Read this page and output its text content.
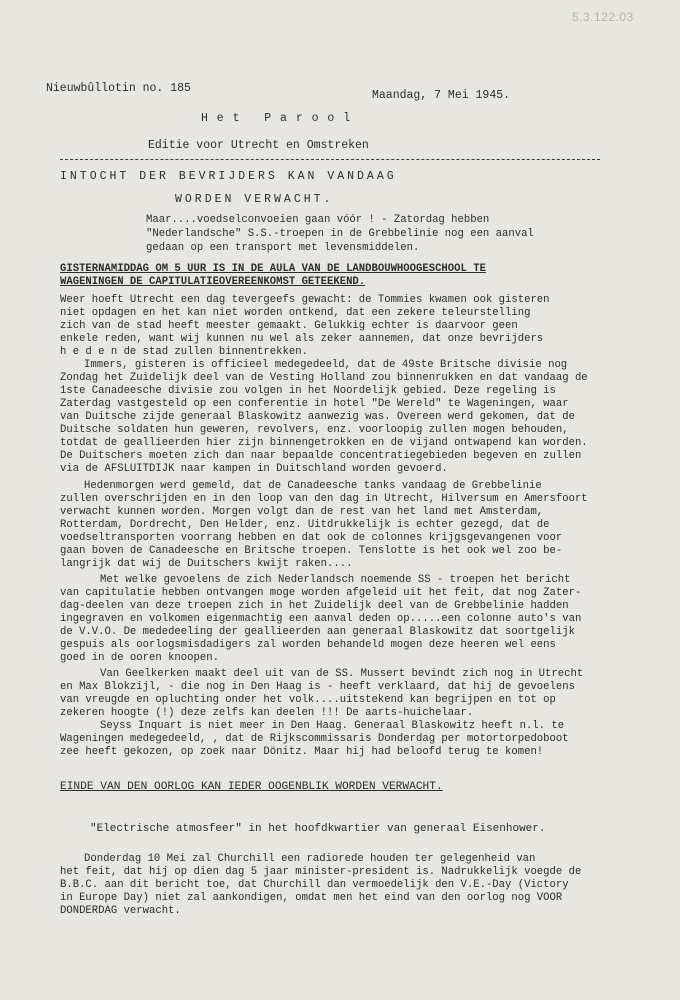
5.3.122.03
Nieuwbûllotin no. 185
Maandag, 7 Mei 1945.
H e t   P a r o o l
Editie voor Utrecht en Omstreken
INTOCHT DER BEVRIJDERS KAN VANDAAG
WORDEN VERWACHT.
Maar....voedselconvoeien gaan vóór ! - Zatordag hebben
"Nederlandsche" S.S.-troepen in de Grebbelinie nog een aanval
gedaan op een transport met levensmiddelen.
GISTERNAMIDDAG OM 5 UUR IS IN DE AULA VAN DE LANDBOUWHOOGESCHOOL TE
WAGENINGEN DE CAPITULATIEOVEREENKOMST GETEEKEND.
Weer hoeft Utrecht een dag tevergeefs gewacht: de Tommies kwamen ook gisteren
niet opdagen en het kan niet worden ontkend, dat een zekere teleurstelling
zich van de stad heeft meester gemaakt. Gelukkig echter is daarvoor geen
enkele reden, want wij kunnen nu wel als zeker aannemen, dat onze bevrijders
h e d e n de stad zullen binnentrekken.
Immers, gisteren is officieel medegedeeld, dat de 49ste Britsche divisie nog
Zondag het Zuidelijk deel van de Vesting Holland zou binnenrukken en dat vandaag de
1ste Canadeesche divisie zou volgen in het Noordelijk gebied. Deze regeling is
Zaterdag vastgesteld op een conferentie in hotel "De Wereld" te Wageningen, waar
van Duitsche zijde generaal Blaskowitz aanwezig was. Overeen werd gekomen, dat de
Duitsche soldaten hun geweren, revolvers, enz. voorloopig zullen mogen behouden,
totdat de geallieerden hier zijn binnengetrokken en de vijand ontwapend kan worden.
De Duitschers moeten zich dan naar bepaalde concentratiegebieden begeven en zullen
via de AFSLUITDIJK naar kampen in Duitschland worden gevoerd.
Hedenmorgen werd gemeld, dat de Canadeesche tanks vandaag de Grebbelinie
zullen overschrijden en in den loop van den dag in Utrecht, Hilversum en Amersfoort
verwacht kunnen worden. Morgen volgt dan de rest van het land met Amsterdam,
Rotterdam, Dordrecht, Den Helder, enz. Uitdrukkelijk is echter gezegd, dat de
voedseltransporten voorrang hebben en dat ook de colonnes krijgsgevangenen voor
gaan boven de Canadeesche en Britsche troepen. Tenslotte is het ook wel zoo be-
langrijk dat wij de Duitschers kwijt raken....
Met welke gevoelens de zich Nederlandsch noemende SS - troepen het bericht
van capitulatie hebben ontvangen moge worden afgeleid uit het feit, dat nog Zater-
dag-deelen van deze troepen zich in het Zuidelijk deel van de Grebbelinie hadden
ingegraven en volkomen eigenmachtig een aanval deden op.....een colonne auto's van
de V.V.O. De mededeeling der geallieerden aan generaal Blaskowitz dat soortgelijk
gespuis als oorlogsmisdadigers zal worden behandeld mogen deze heeren wel eens
goed in de ooren knoopen.
Van Geelkerken maakt deel uit van de SS. Mussert bevindt zich nog in Utrecht
en Max Blokzijl, - die nog in Den Haag is - heeft verklaard, dat hij de gevoelens
van vreugde en opluchting onder het volk....uitstekend kan begrijpen en tot op
zekeren hoogte (!) deze zelfs kan deelen !!! De aarts-huichelaar.
Seyss Inquart is niet meer in Den Haag. Generaal Blaskowitz heeft n.l. te
Wageningen medegedeeld, , dat de Rijkscommissaris Donderdag per motortorpedoboot
zee heeft gekozen, op zoek naar Dönitz. Maar hij had beloofd terug te komen!
EINDE VAN DEN OORLOG KAN IEDER OOGENBLIK WORDEN VERWACHT.
"Electrische atmosfeer" in het hoofdkwartier van generaal Eisenhower.
Donderdag 10 Mei zal Churchill een radiorede houden ter gelegenheid van
het feit, dat hij op dien dag 5 jaar minister-president is. Nadrukkelijk voegde de
B.B.C. aan dit bericht toe, dat Churchill dan vermoedelijk den V.E.-Day (Victory
in Europe Day) niet zal aankondigen, omdat men het eind van den oorlog nog VOOR
DONDERDAG verwacht.
